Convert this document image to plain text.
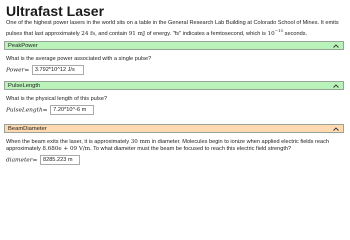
Ultrafast Laser
One of the highest power lasers in the world sits on a table in the General Research Lab Building at Colorado School of Mines. It emits pulses that last approximately 24 fs, and contain 91 mJ of energy. "fs" indicates a femtosecond, which is $10^{-15}$ seconds.
PeakPower
What is the average power associated with a single pulse?
Power= 3.792*10^12 J/s
PulseLength
What is the physical length of this pulse?
PulseLength= 7.20*10^-6 m
BeamDiameter
When the beam exits the laser, it is approximately 30 mm in diameter. Molecules begin to ionize when applied electric fields reach approximately 8.680e + 09 V/m. To what diameter must the beam be focused to reach this electric field strength?
diameter= 8285.223 m
